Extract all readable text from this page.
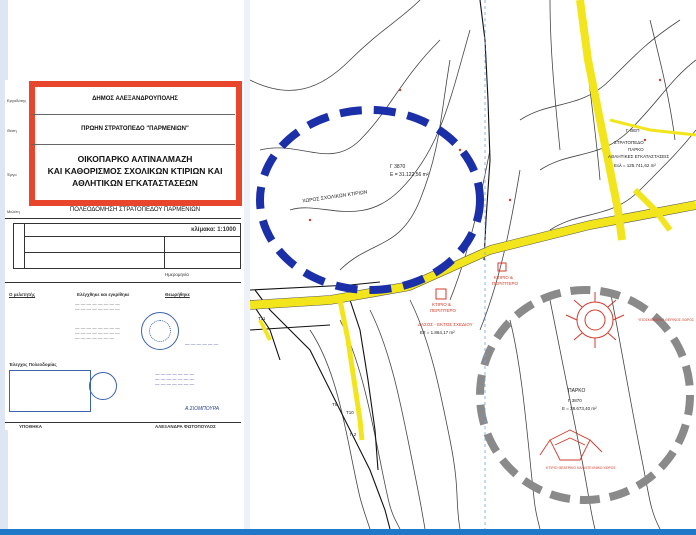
Εργοδότης	ΔΗΜΟΣ ΑΛΕΞΑΝΔΡΟΥΠΟΛΗΣ
Θέση	ΠΡΩΗΝ ΣΤΡΑΤΟΠΕΔΟ "ΠΑΡΜΕΝΙΩΝ"
Έργο
ΟΙΚΟΠΑΡΚΟ ΑΛΤΙΝΑΛΜΑΖΗ
ΚΑΙ ΚΑΘΟΡΙΣΜΟΣ ΣΧΟΛΙΚΩΝ ΚΤΙΡΙΩΝ ΚΑΙ
ΑΘΛΗΤΙΚΩΝ ΕΓΚΑΤΑΣΤΑΣΕΩΝ
Μελέτη	ΠΟΛΕΟΔΟΜΗΣΗ ΣΤΡΑΤΟΠΕΔΟΥ ΠΑΡΜΕΝΙΩΝ
κλίμακα: 1:1000
Ημερομηνία
Ο μελετητής	Ελέγχθηκε και εγκρίθηκε	Θεωρήθηκε
— — — — — — — —
— — — — — — — —
— — — — — — — —
— — — — — — — —
— — — — — — —
— — — — — —
Έλεγχος Πολεοδομίας
— — — — — — —
— — — — — — —
— — — — — — —
Α.ΣΙΟΜΠΟΥΡΑ
ΥΠΟΘΗΚΑ	ΑΛΕΞΑΝΔΡΑ ΦΩΤΟΠΟΥΛΟΣ
ΧΩΡΟΣ ΣΧΟΛΙΚΩΝ ΚΤΙΡΙΩΝ
Γ 3870
Ε = 31.122,56 m²
Γ ΘΕΠ
ΣΤΡΑΤΟΠΕΔΟ
ΠΑΡΚΟ
ΑΘΛΗΤΙΚΕΣ ΕΓΚΑΤΑΣΤΑΣΕΙΣ
Εολ = 125.741,62 m²
ΔΑΣΟΣ - ΕΚΤΟΣ ΣΧΕΔΙΟΥ
Ε2 = 1.864,17 m²
ΚΤΙΡΙΟ &
ΠΕΡΙΠΤΕΡΟ
ΚΤΙΡΙΟ &
ΠΕΡΙΠΤΕΡΟ
ΠΑΡΚΟ
Γ 3870
Ε = 38.673,40 m²
ΚΤΙΡΙΟ ΘΕΑΤΡΙΚΟ ΚΑΛΛΙΤΕΧΝΙΚΟ ΧΩΡΟΣ
ΥΠΟΣΚΙΩΜΕΝΟ ΘΕΡΙΝΟΣ ΧΩΡΟΣ
Τ11
Τ9
Τ10
Γ 2
